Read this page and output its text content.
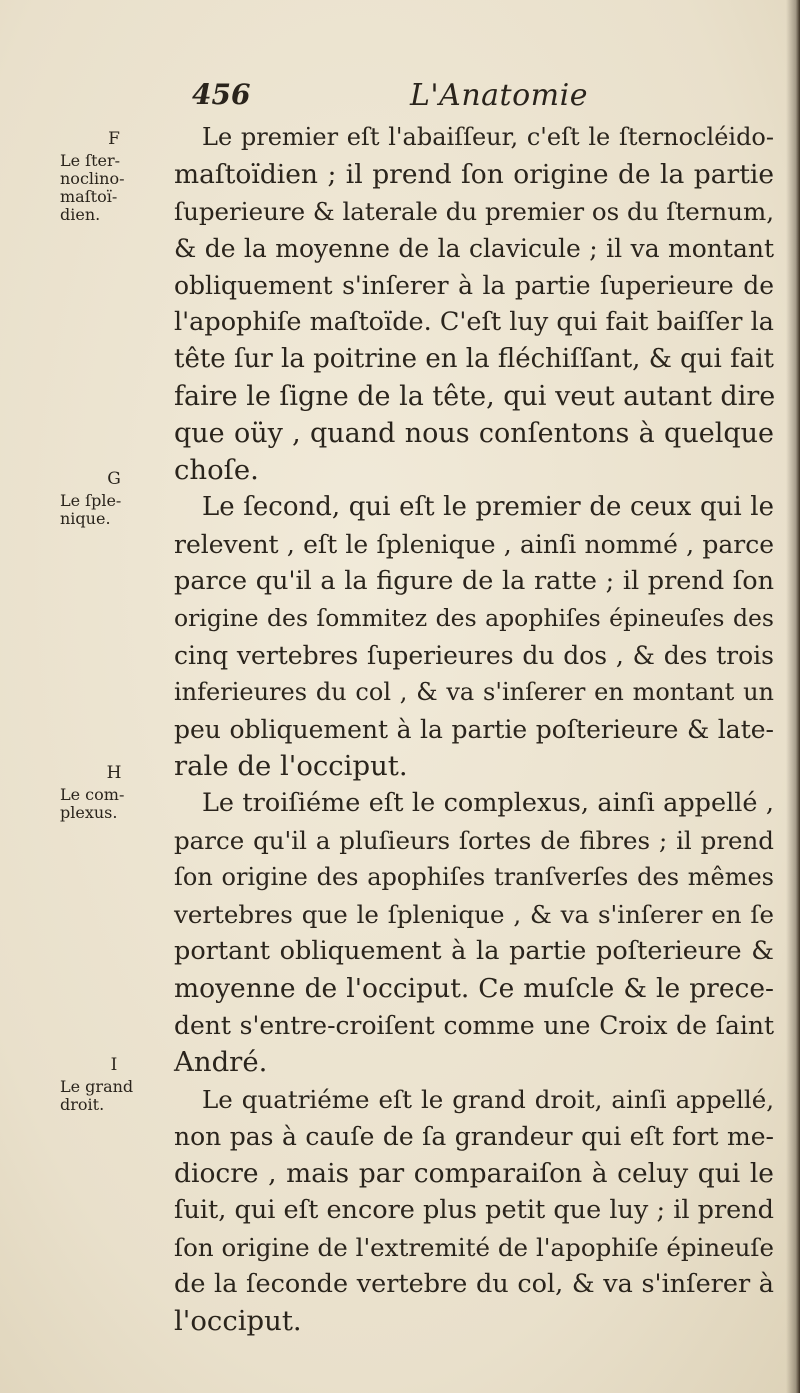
456	L'Anatomie
F
Le ſter-
noclino-
maſtoï-
dien.
G
Le ſple-
nique.
H
Le com-
plexus.
I
Le grand
droit.
Le premier eſt l'abaiſſeur, c'eſt le ſternocléido-
maſtoïdien ; il prend ſon origine de la partie
ſuperieure & laterale du premier os du ſternum,
& de la moyenne de la clavicule ; il va montant
obliquement s'inſerer à la partie ſuperieure de
l'apophiſe maſtoïde. C'eſt luy qui fait baiſſer la
tête ſur la poitrine en la fléchiſſant, & qui fait
faire le ſigne de la tête, qui veut autant dire
que oüy , quand nous conſentons à quelque
choſe.
Le ſecond, qui eſt le premier de ceux qui le
relevent , eſt le ſplenique , ainſi nommé , parce
parce qu'il a la figure de la ratte ; il prend ſon
origine des ſommitez des apophiſes épineuſes des
cinq vertebres ſuperieures du dos , & des trois
inferieures du col , & va s'inſerer en montant un
peu obliquement à la partie poſterieure & late-
rale de l'occiput.
Le troiſiéme eſt le complexus, ainſi appellé ,
parce qu'il a pluſieurs ſortes de fibres ; il prend
ſon origine des apophiſes tranſverſes des mêmes
vertebres que le ſplenique , & va s'inſerer en ſe
portant obliquement à la partie poſterieure &
moyenne de l'occiput. Ce muſcle & le prece-
dent s'entre-croiſent comme une Croix de ſaint
André.
Le quatriéme eſt le grand droit, ainſi appellé,
non pas à cauſe de ſa grandeur qui eſt fort me-
diocre , mais par comparaiſon à celuy qui le
ſuit, qui eſt encore plus petit que luy ; il prend
ſon origine de l'extremité de l'apophiſe épineuſe
de la ſeconde vertebre du col, & va s'inſerer à
l'occiput.
